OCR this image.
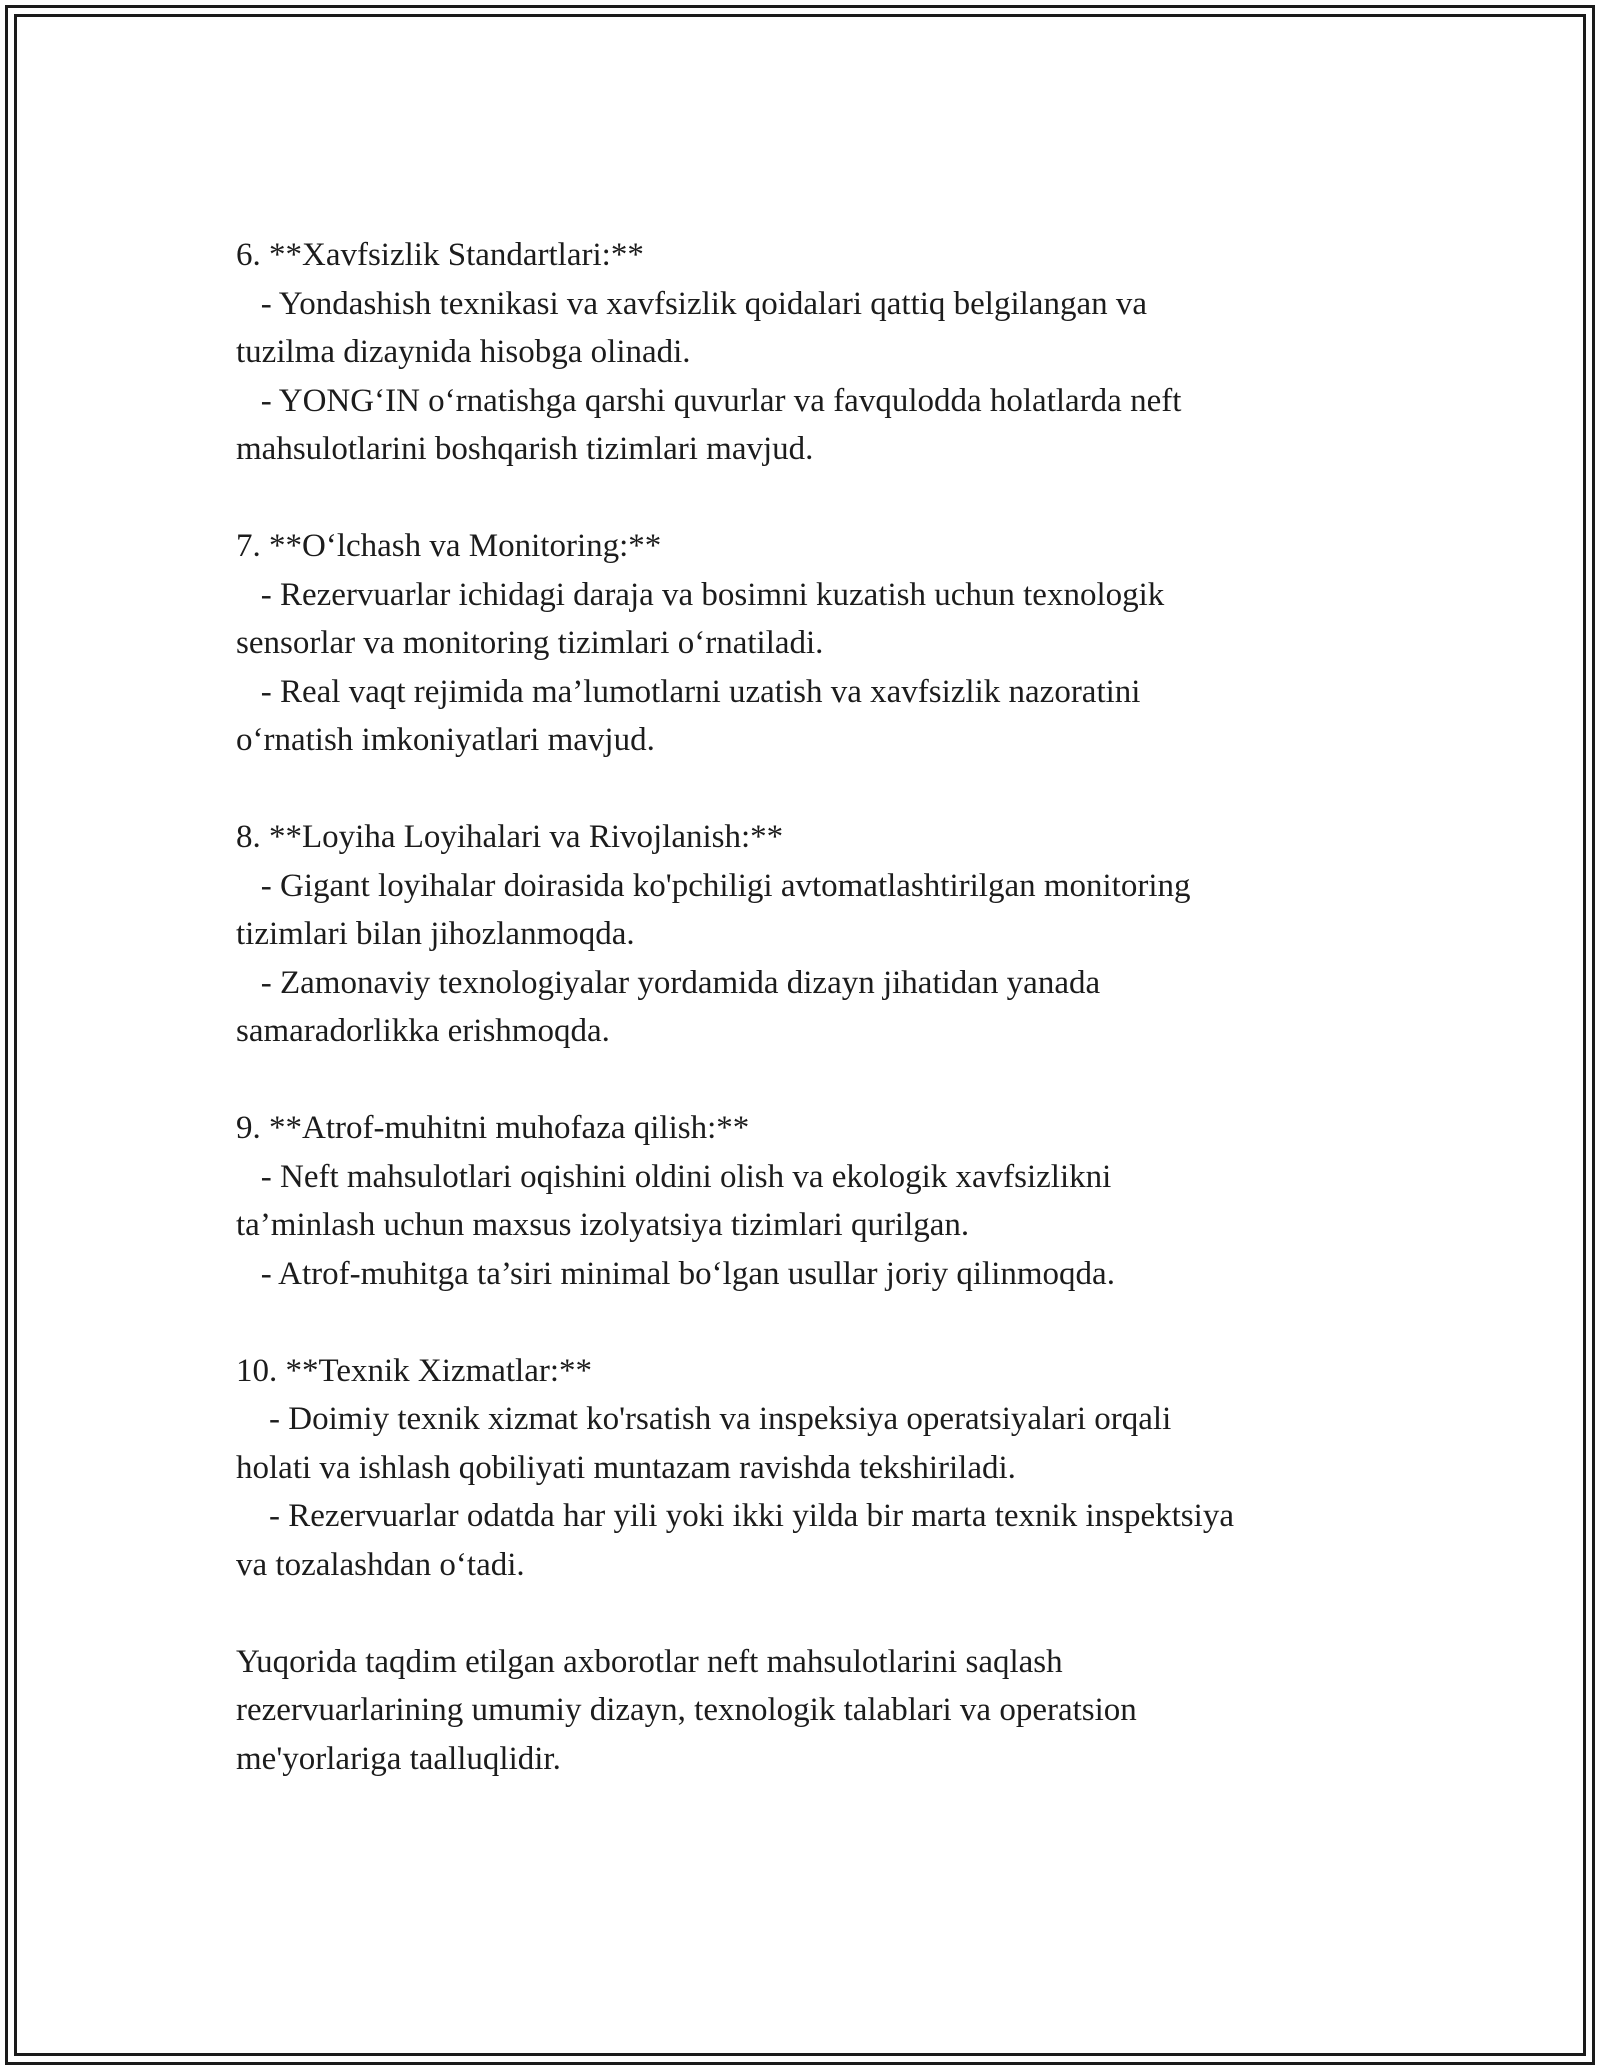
6. **Xavfsizlik Standartlari:**
- Yondashish texnikasi va xavfsizlik qoidalari qattiq belgilangan va
tuzilma dizaynida hisobga olinadi.
- YONG‘IN o‘rnatishga qarshi quvurlar va favqulodda holatlarda neft
mahsulotlarini boshqarish tizimlari mavjud.
7. **O‘lchash va Monitoring:**
- Rezervuarlar ichidagi daraja va bosimni kuzatish uchun texnologik
sensorlar va monitoring tizimlari o‘rnatiladi.
- Real vaqt rejimida ma’lumotlarni uzatish va xavfsizlik nazoratini
o‘rnatish imkoniyatlari mavjud.
8. **Loyiha Loyihalari va Rivojlanish:**
- Gigant loyihalar doirasida ko'pchiligi avtomatlashtirilgan monitoring
tizimlari bilan jihozlanmoqda.
- Zamonaviy texnologiyalar yordamida dizayn jihatidan yanada
samaradorlikka erishmoqda.
9. **Atrof-muhitni muhofaza qilish:**
- Neft mahsulotlari oqishini oldini olish va ekologik xavfsizlikni
ta’minlash uchun maxsus izolyatsiya tizimlari qurilgan.
- Atrof-muhitga ta’siri minimal bo‘lgan usullar joriy qilinmoqda.
10. **Texnik Xizmatlar:**
- Doimiy texnik xizmat ko'rsatish va inspeksiya operatsiyalari orqali
holati va ishlash qobiliyati muntazam ravishda tekshiriladi.
- Rezervuarlar odatda har yili yoki ikki yilda bir marta texnik inspektsiya
va tozalashdan o‘tadi.
Yuqorida taqdim etilgan axborotlar neft mahsulotlarini saqlash
rezervuarlarining umumiy dizayn, texnologik talablari va operatsion
me'yorlariga taalluqlidir.
